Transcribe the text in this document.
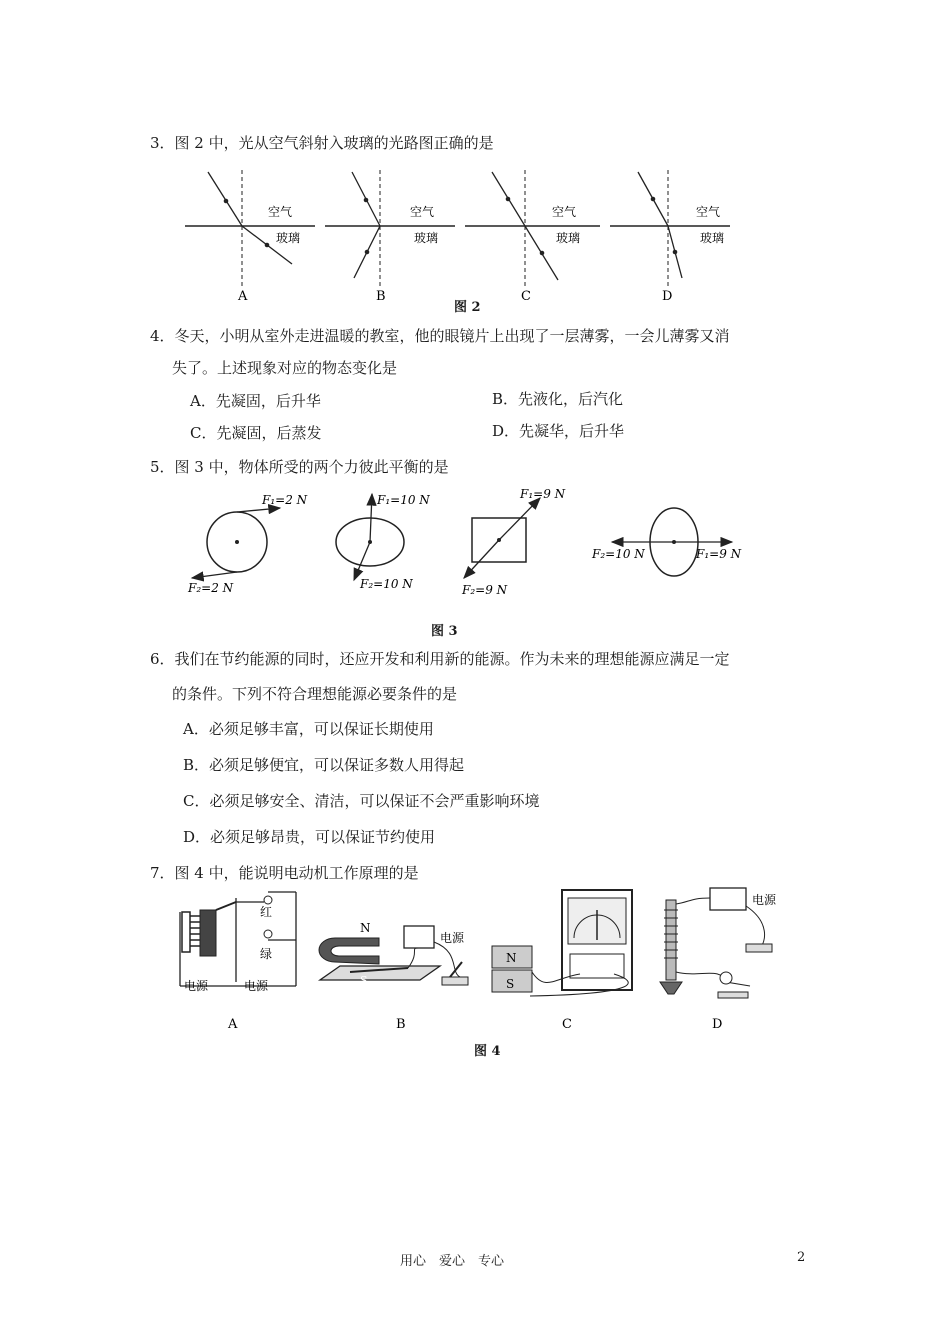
3．图 2 中，光从空气斜射入玻璃的光路图正确的是
空气
玻璃
A
空气
玻璃
B
空气
玻璃
C
空气
玻璃
D
图 2
4．冬天，小明从室外走进温暖的教室，他的眼镜片上出现了一层薄雾，一会儿薄雾又消
失了。上述现象对应的物态变化是
A．先凝固，后升华	B．先液化，后汽化
C．先凝固，后蒸发	D．先凝华，后升华
5．图 3 中，物体所受的两个力彼此平衡的是
F₁=2 N
F₂=2 N
F₁=10 N
F₂=10 N
F₁=9 N
F₂=9 N
F₂=10 N	F₁=9 N
图 3
6．我们在节约能源的同时，还应开发和利用新的能源。作为未来的理想能源应满足一定
的条件。下列不符合理想能源必要条件的是
A．必须足够丰富，可以保证长期使用
B．必须足够便宜，可以保证多数人用得起
C．必须足够安全、清洁，可以保证不会严重影响环境
D．必须足够昂贵，可以保证节约使用
7．图 4 中，能说明电动机工作原理的是
红
绿
电源	电源
A
N
S
电源
B
N
S
C
电源
D
图 4
用心　爱心　专心	2
